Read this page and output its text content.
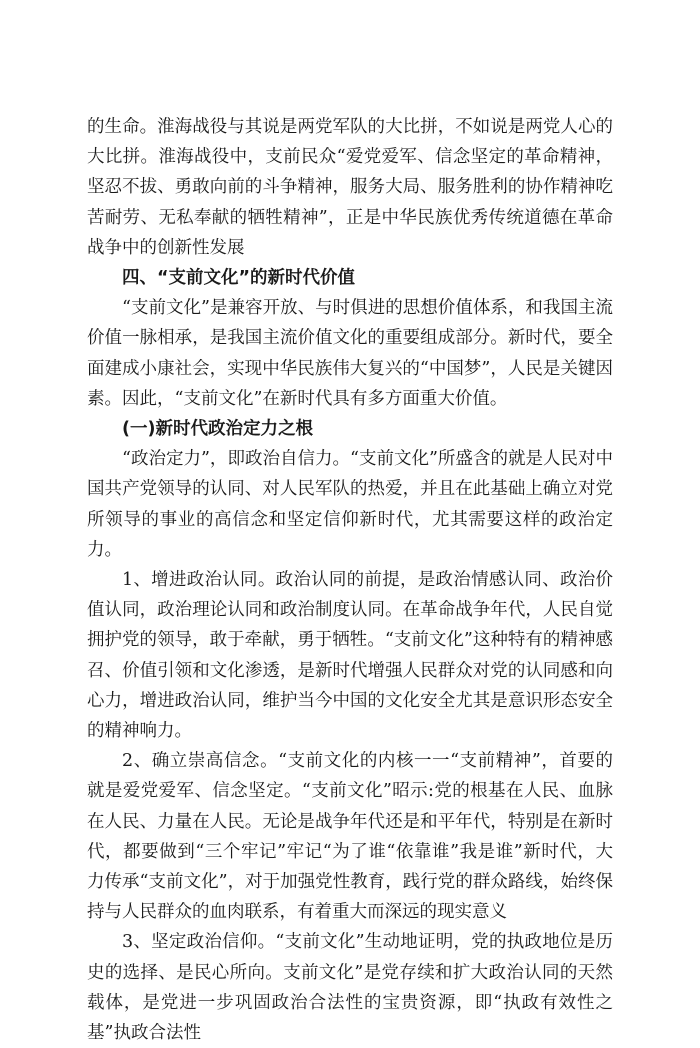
的生命。淮海战役与其说是两党军队的大比拼，不如说是两党人心的大比拼。淮海战役中，支前民众“爱党爱军、信念坚定的革命精神，坚忍不拔、勇敢向前的斗争精神，服务大局、服务胜利的协作精神吃苦耐劳、无私奉献的牺牲精神”，正是中华民族优秀传统道德在革命战争中的创新性发展

四、“支前文化”的新时代价值

“支前文化”是兼容开放、与时俱进的思想价值体系，和我国主流价值一脉相承，是我国主流价值文化的重要组成部分。新时代，要全面建成小康社会，实现中华民族伟大复兴的“中国梦”，人民是关键因素。因此，“支前文化”在新时代具有多方面重大价值。

(一)新时代政治定力之根

“政治定力”，即政治自信力。“支前文化”所盛含的就是人民对中国共产党领导的认同、对人民军队的热爱，并且在此基础上确立对党所领导的事业的高信念和坚定信仰新时代，尤其需要这样的政治定力。

1、增进政治认同。政治认同的前提，是政治情感认同、政治价值认同，政治理论认同和政治制度认同。在革命战争年代，人民自觉拥护党的领导，敢于牵献，勇于牺牲。“支前文化”这种特有的精神感召、价值引领和文化渗透，是新时代增强人民群众对党的认同感和向心力，增进政治认同，维护当今中国的文化安全尤其是意识形态安全的精神响力。

2、确立崇高信念。“支前文化的内核一一“支前精神”，首要的就是爱党爱军、信念坚定。“支前文化”昭示:党的根基在人民、血脉在人民、力量在人民。无论是战争年代还是和平年代，特别是在新时代，都要做到“三个牢记”牢记“为了谁“依靠谁”我是谁”新时代，大力传承“支前文化”，对于加强党性教育，践行党的群众路线，始终保持与人民群众的血肉联系，有着重大而深远的现实意义

3、坚定政治信仰。“支前文化”生动地证明，党的执政地位是历史的选择、是民心所向。支前文化”是党存续和扩大政治认同的天然载体，是党进一步巩固政治合法性的宝贵资源，即“执政有效性之基”执政合法性
